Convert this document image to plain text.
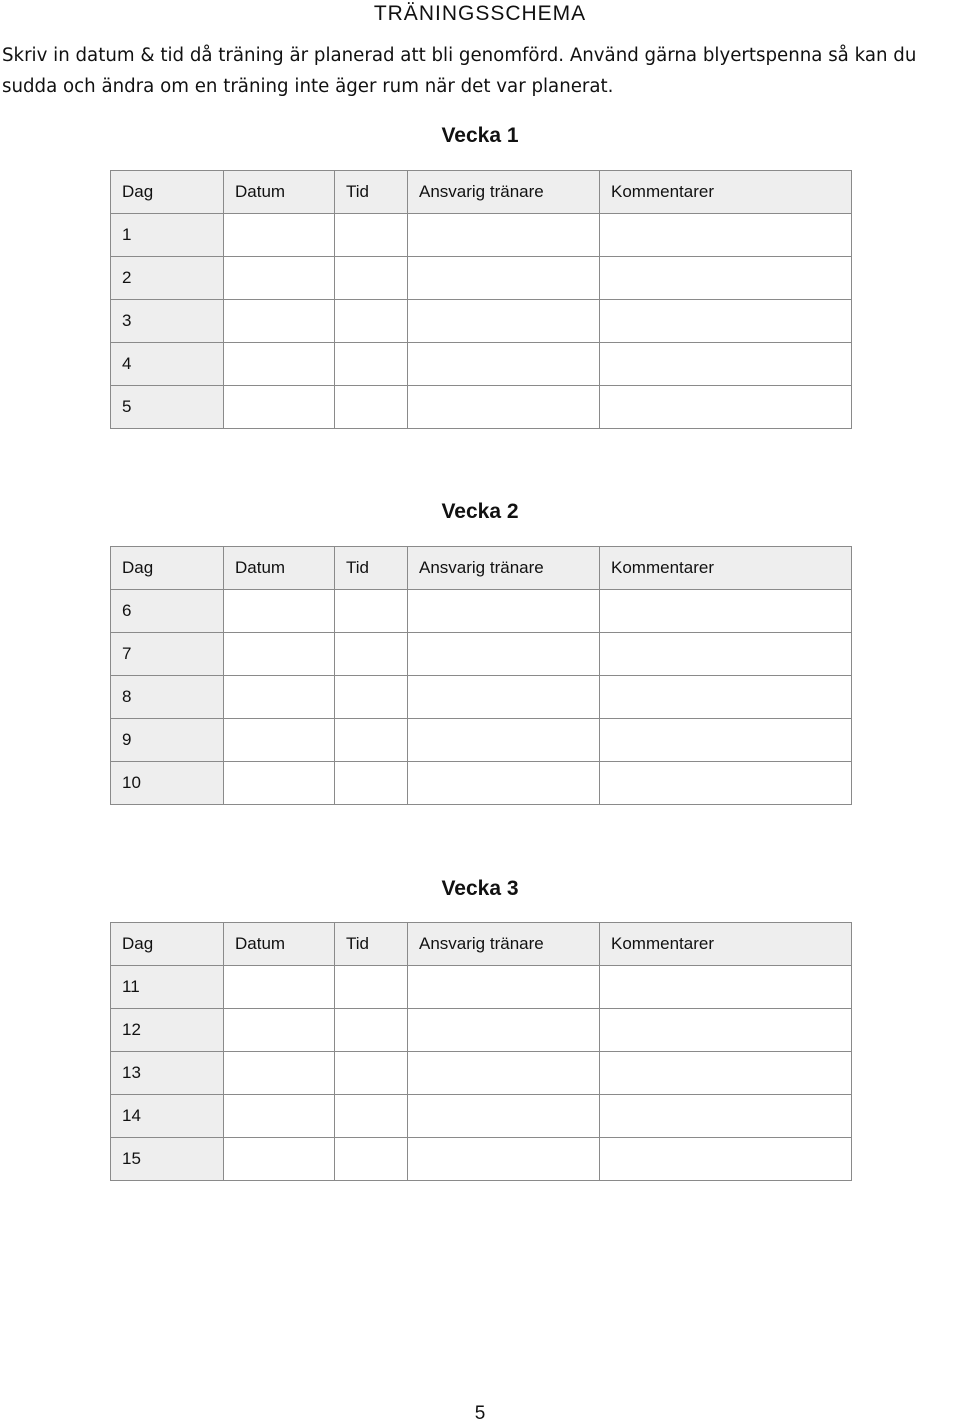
TRÄNINGSSCHEMA
Skriv in datum & tid då träning är planerad att bli genomförd. Använd gärna blyertspenna så kan du
sudda och ändra om en träning inte äger rum när det var planerat.
Vecka 1
Dag	Datum	Tid	Ansvarig tränare	Kommentarer
1				
2				
3				
4				
5				
Vecka 2
Dag	Datum	Tid	Ansvarig tränare	Kommentarer
6				
7				
8				
9				
10				
Vecka 3
Dag	Datum	Tid	Ansvarig tränare	Kommentarer
11				
12				
13				
14				
15				
5
